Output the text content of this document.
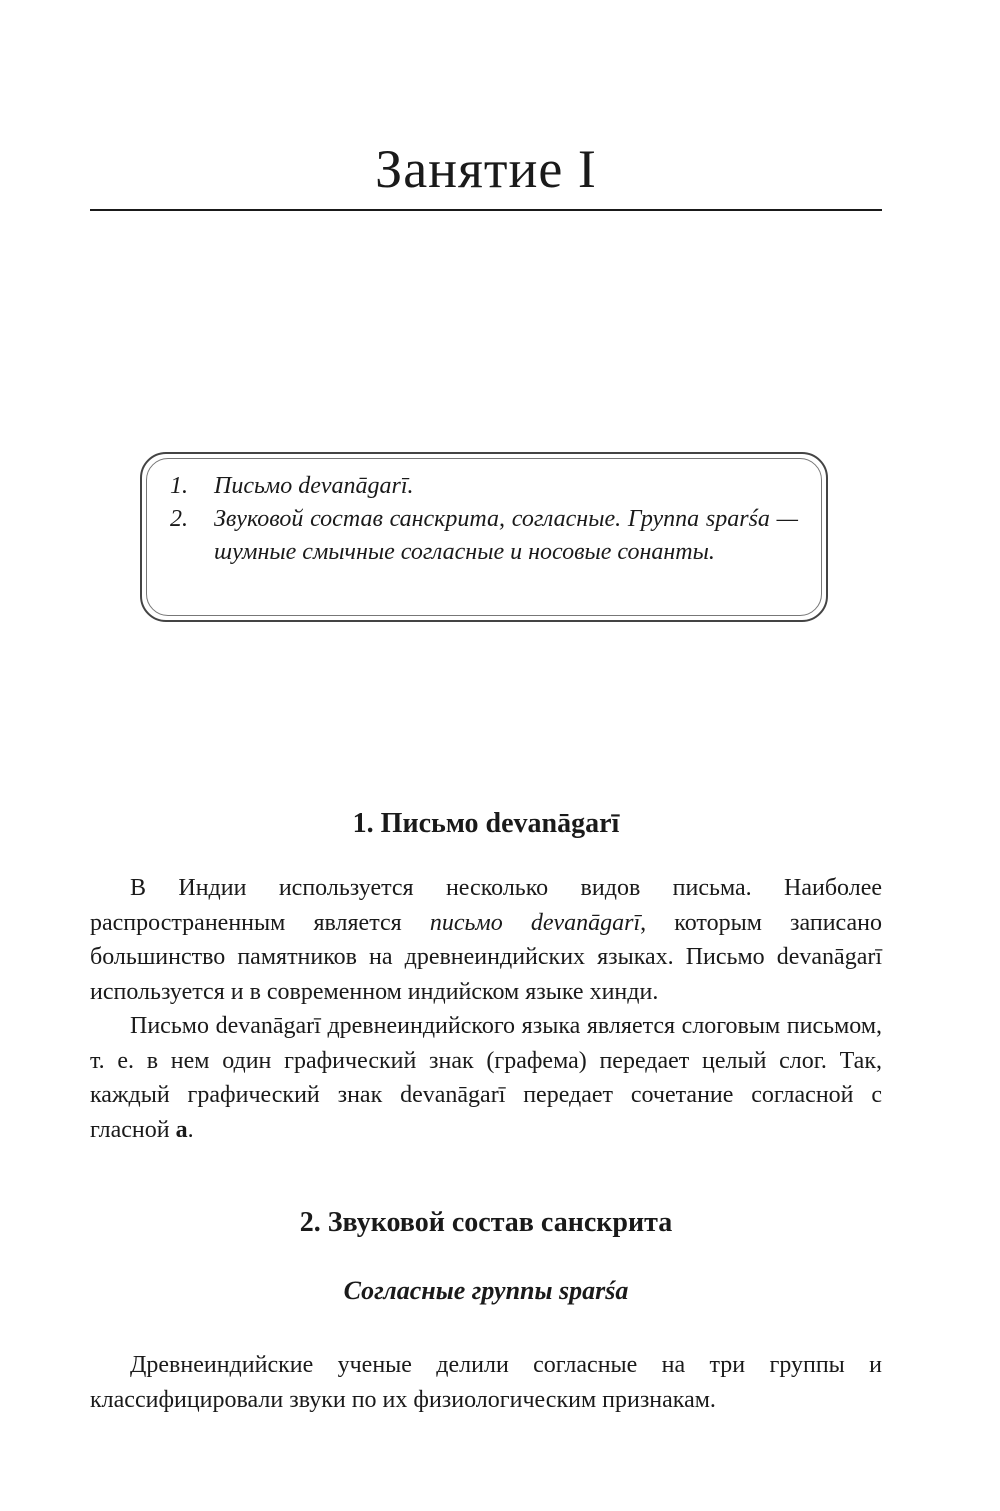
Занятие I
1. Письмо devanāgarī.
2. Звуковой состав санскрита, согласные. Группа sparśa — шумные смычные согласные и носовые сонанты.
1. Письмо devanāgarī

В Индии используется несколько видов письма. Наиболее распространенным является письмо devanāgarī, которым записано большинство памятников на древнеиндийских языках. Письмо devanāgarī используется и в современном индийском языке хинди.

Письмо devanāgarī древнеиндийского языка является слоговым письмом, т. е. в нем один графический знак (графема) передает целый слог. Так, каждый графический знак devanāgarī передает сочетание согласной с гласной а.

2. Звуковой состав санскрита
Согласные группы sparśa

Древнеиндийские ученые делили согласные на три группы и классифицировали звуки по их физиологическим признакам.
